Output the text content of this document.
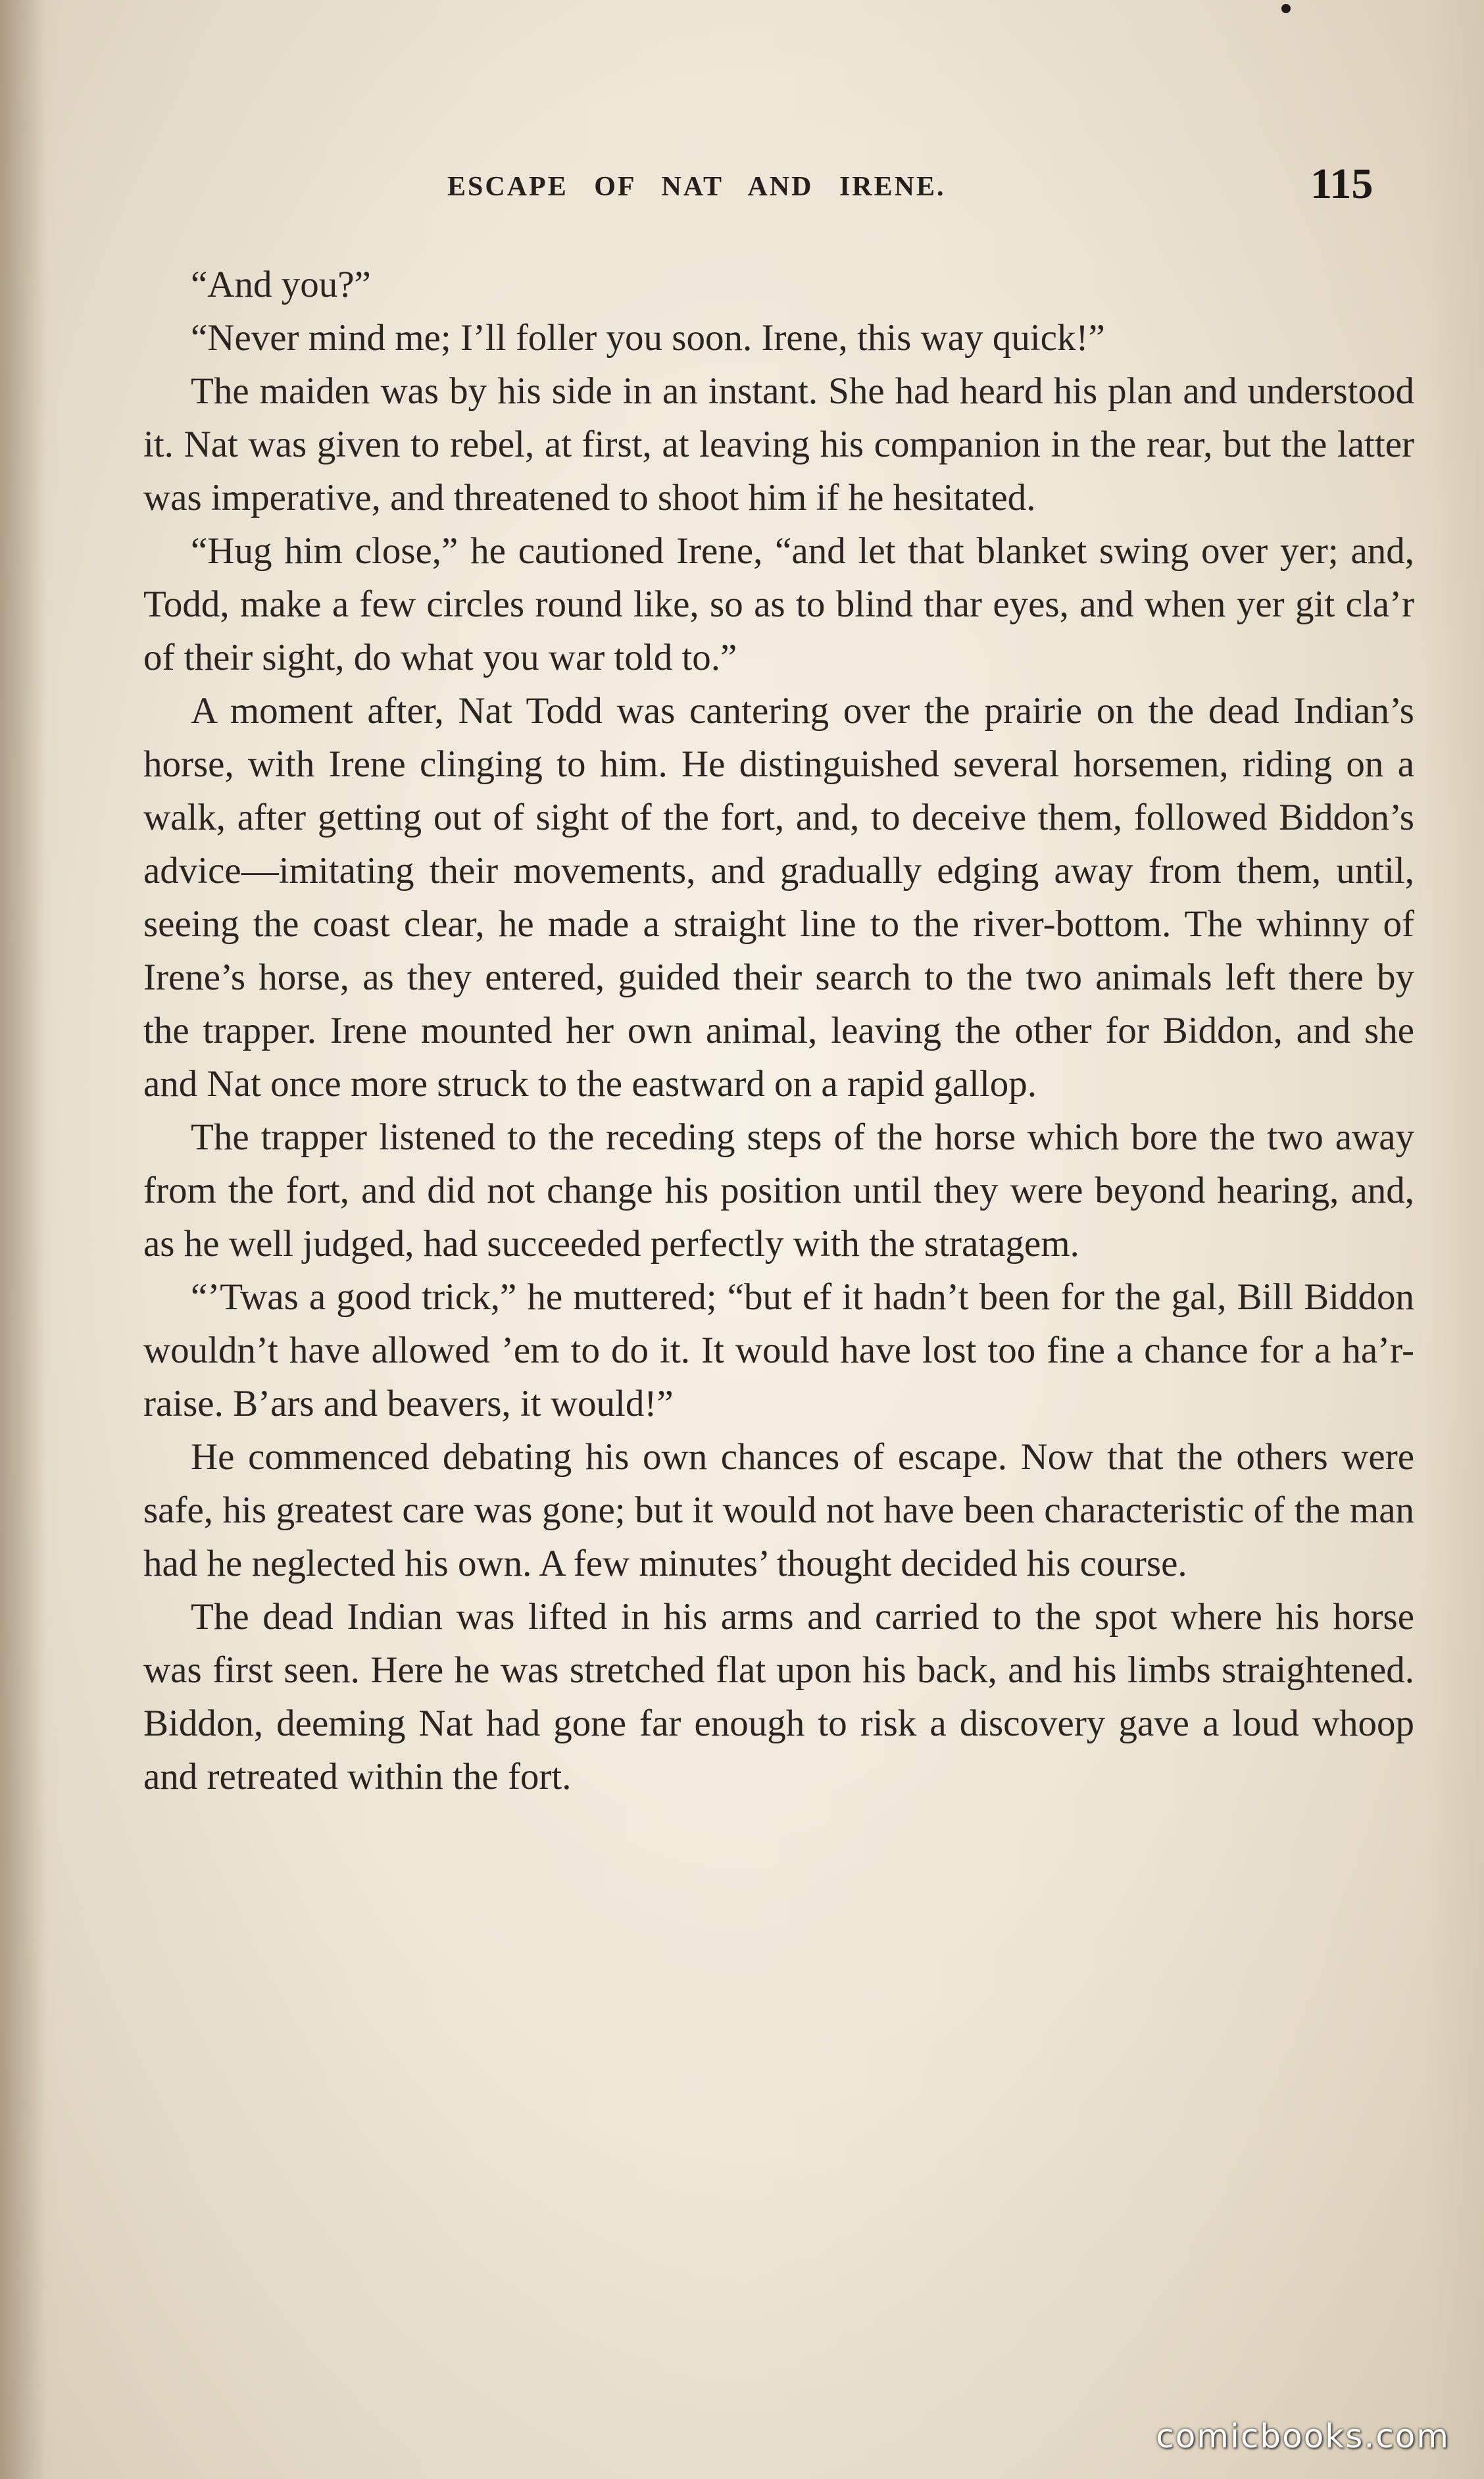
ESCAPE OF NAT AND IRENE.	115

“And you?”

“Never mind me; I’ll foller you soon. Irene, this way quick!”

The maiden was by his side in an instant. She had heard his plan and understood it. Nat was given to rebel, at first, at leaving his companion in the rear, but the latter was imperative, and threatened to shoot him if he hesitated.

“Hug him close,” he cautioned Irene, “and let that blanket swing over yer; and, Todd, make a few circles round like, so as to blind thar eyes, and when yer git cla’r of their sight, do what you war told to.”

A moment after, Nat Todd was cantering over the prairie on the dead Indian’s horse, with Irene clinging to him. He distinguished several horsemen, riding on a walk, after getting out of sight of the fort, and, to deceive them, followed Biddon’s advice—imitating their movements, and gradually edging away from them, until, seeing the coast clear, he made a straight line to the river-bottom. The whinny of Irene’s horse, as they entered, guided their search to the two animals left there by the trapper. Irene mounted her own animal, leaving the other for Biddon, and she and Nat once more struck to the eastward on a rapid gallop.

The trapper listened to the receding steps of the horse which bore the two away from the fort, and did not change his position until they were beyond hearing, and, as he well judged, had succeeded perfectly with the stratagem.

“’Twas a good trick,” he muttered; “but ef it hadn’t been for the gal, Bill Biddon wouldn’t have allowed ’em to do it. It would have lost too fine a chance for a ha’r-raise. B’ars and beavers, it would!”

He commenced debating his own chances of escape. Now that the others were safe, his greatest care was gone; but it would not have been characteristic of the man had he neglected his own. A few minutes’ thought decided his course.

The dead Indian was lifted in his arms and carried to the spot where his horse was first seen. Here he was stretched flat upon his back, and his limbs straightened. Biddon, deeming Nat had gone far enough to risk a discovery gave a loud whoop and retreated within the fort.

comicbooks.com
